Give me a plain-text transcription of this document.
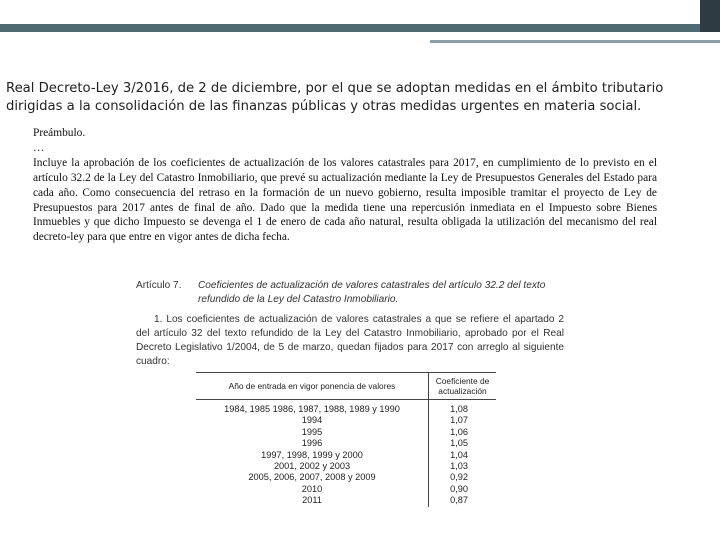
Real Decreto-Ley 3/2016, de 2 de diciembre, por el que se adoptan medidas en el ámbito tributario
dirigidas a la consolidación de las finanzas públicas y otras medidas urgentes en materia social.
Preámbulo.
…
Incluye la aprobación de los coeficientes de actualización de los valores catastrales para 2017, en cumplimiento de lo previsto en el artículo 32.2 de la Ley del Catastro Inmobiliario, que prevé su actualización mediante la Ley de Presupuestos Generales del Estado para cada año. Como consecuencia del retraso en la formación de un nuevo gobierno, resulta imposible tramitar el proyecto de Ley de Presupuestos para 2017 antes de final de año. Dado que la medida tiene una repercusión inmediata en el Impuesto sobre Bienes Inmuebles y que dicho Impuesto se devenga el 1 de enero de cada año natural, resulta obligada la utilización del mecanismo del real decreto-ley para que entre en vigor antes de dicha fecha.
Artículo 7.	Coeficientes de actualización de valores catastrales del artículo 32.2 del texto refundido de la Ley del Catastro Inmobiliario.
1. Los coeficientes de actualización de valores catastrales a que se refiere el apartado 2 del artículo 32 del texto refundido de la Ley del Catastro Inmobiliario, aprobado por el Real Decreto Legislativo 1/2004, de 5 de marzo, quedan fijados para 2017 con arreglo al siguiente cuadro:
Año de entrada en vigor ponencia de valores	Coeficiente de actualización
1984, 1985 1986, 1987, 1988, 1989 y 1990	1,08
1994	1,07
1995	1,06
1996	1,05
1997, 1998, 1999 y 2000	1,04
2001, 2002 y 2003	1,03
2005, 2006, 2007, 2008 y 2009	0,92
2010	0,90
2011	0,87
